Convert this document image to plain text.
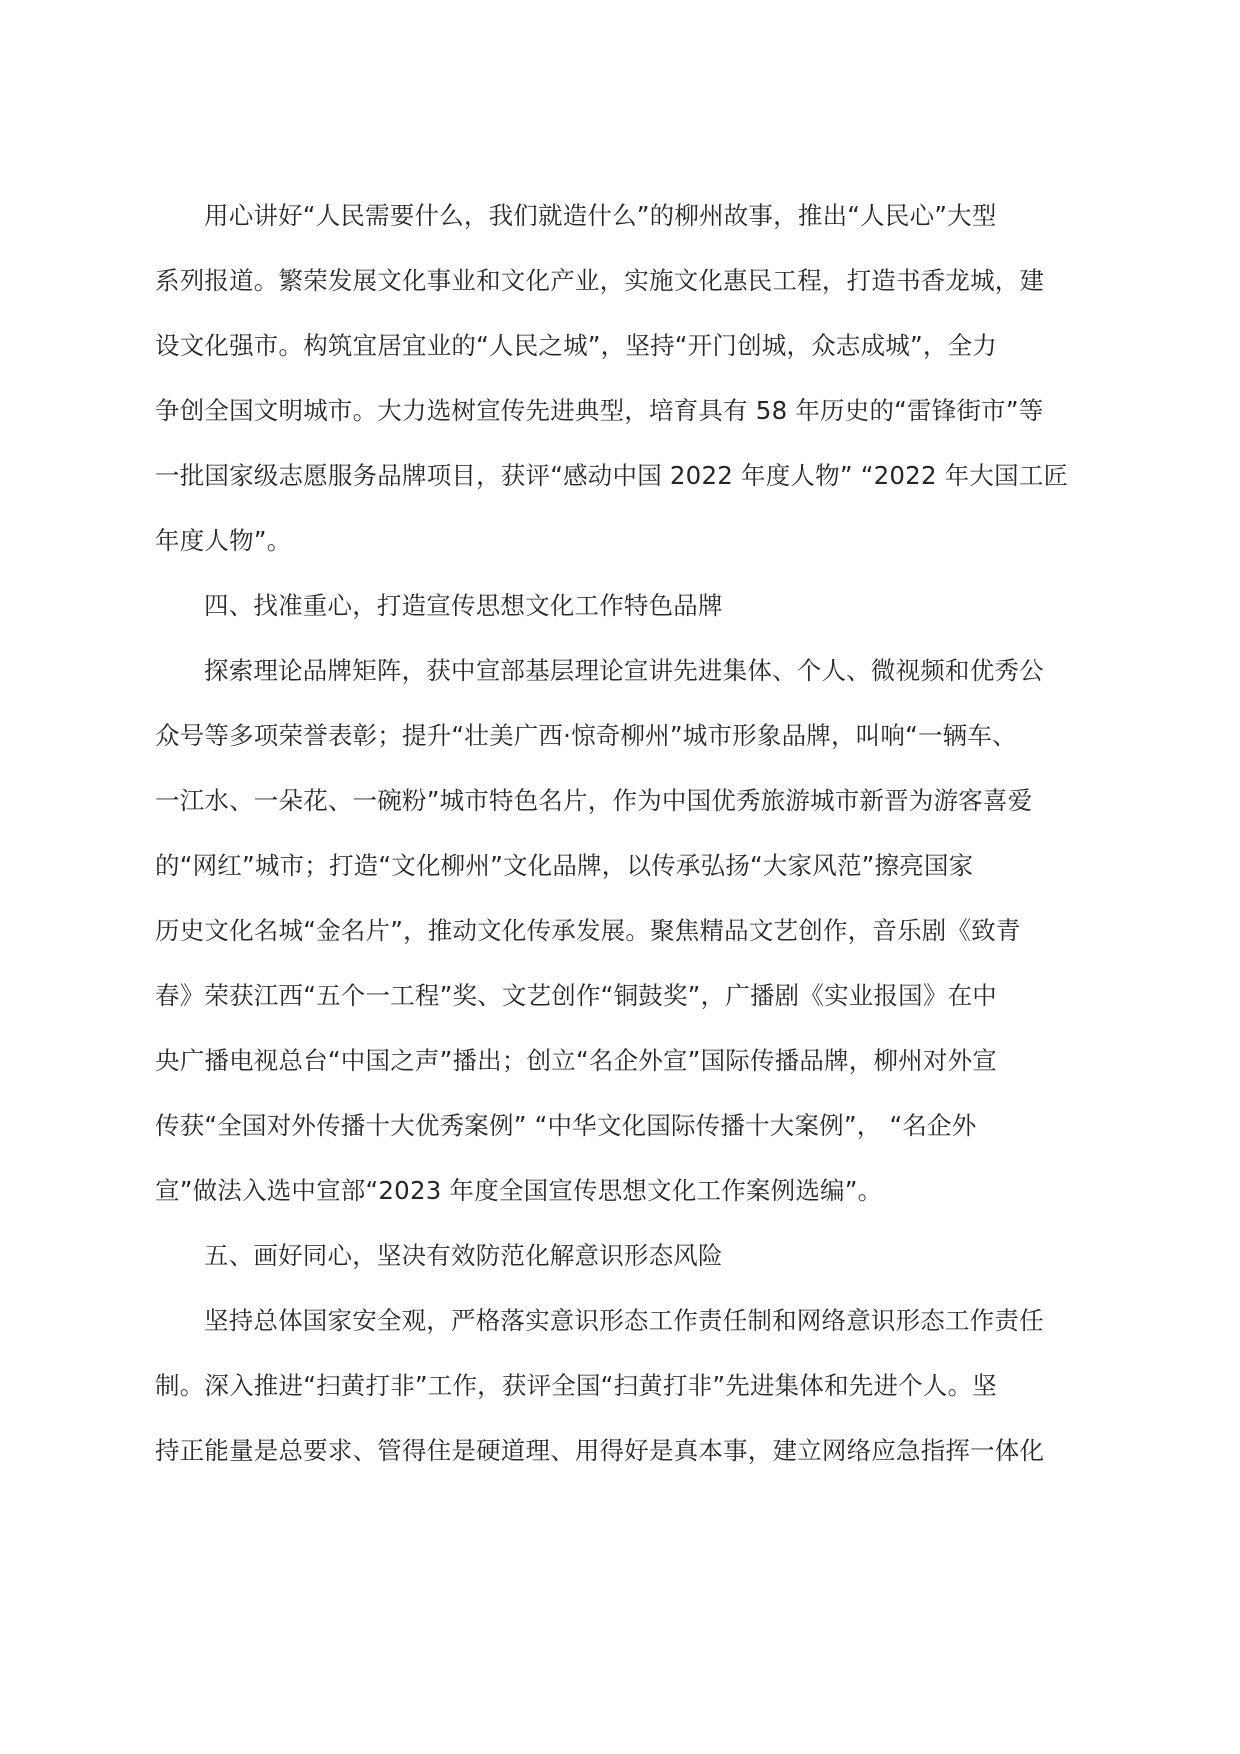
用心讲好“人民需要什么，我们就造什么”的柳州故事，推出“人民心”大型
系列报道。繁荣发展文化事业和文化产业，实施文化惠民工程，打造书香龙城，建
设文化强市。构筑宜居宜业的“人民之城”，坚持“开门创城，众志成城”，全力
争创全国文明城市。大力选树宣传先进典型，培育具有 58 年历史的“雷锋街市”等
一批国家级志愿服务品牌项目，获评“感动中国 2022 年度人物” “2022 年大国工匠
年度人物”。
四、找准重心，打造宣传思想文化工作特色品牌
探索理论品牌矩阵，获中宣部基层理论宣讲先进集体、个人、微视频和优秀公
众号等多项荣誉表彰；提升“壮美广西·惊奇柳州”城市形象品牌，叫响“一辆车、
一江水、一朵花、一碗粉”城市特色名片，作为中国优秀旅游城市新晋为游客喜爱
的“网红”城市；打造“文化柳州”文化品牌，以传承弘扬“大家风范”擦亮国家
历史文化名城“金名片”，推动文化传承发展。聚焦精品文艺创作，音乐剧《致青
春》荣获江西“五个一工程”奖、文艺创作“铜鼓奖”，广播剧《实业报国》在中
央广播电视总台“中国之声”播出；创立“名企外宣”国际传播品牌，柳州对外宣
传获“全国对外传播十大优秀案例” “中华文化国际传播十大案例”， “名企外
宣”做法入选中宣部“2023 年度全国宣传思想文化工作案例选编”。
五、画好同心，坚决有效防范化解意识形态风险
坚持总体国家安全观，严格落实意识形态工作责任制和网络意识形态工作责任
制。深入推进“扫黄打非”工作，获评全国“扫黄打非”先进集体和先进个人。坚
持正能量是总要求、管得住是硬道理、用得好是真本事，建立网络应急指挥一体化
